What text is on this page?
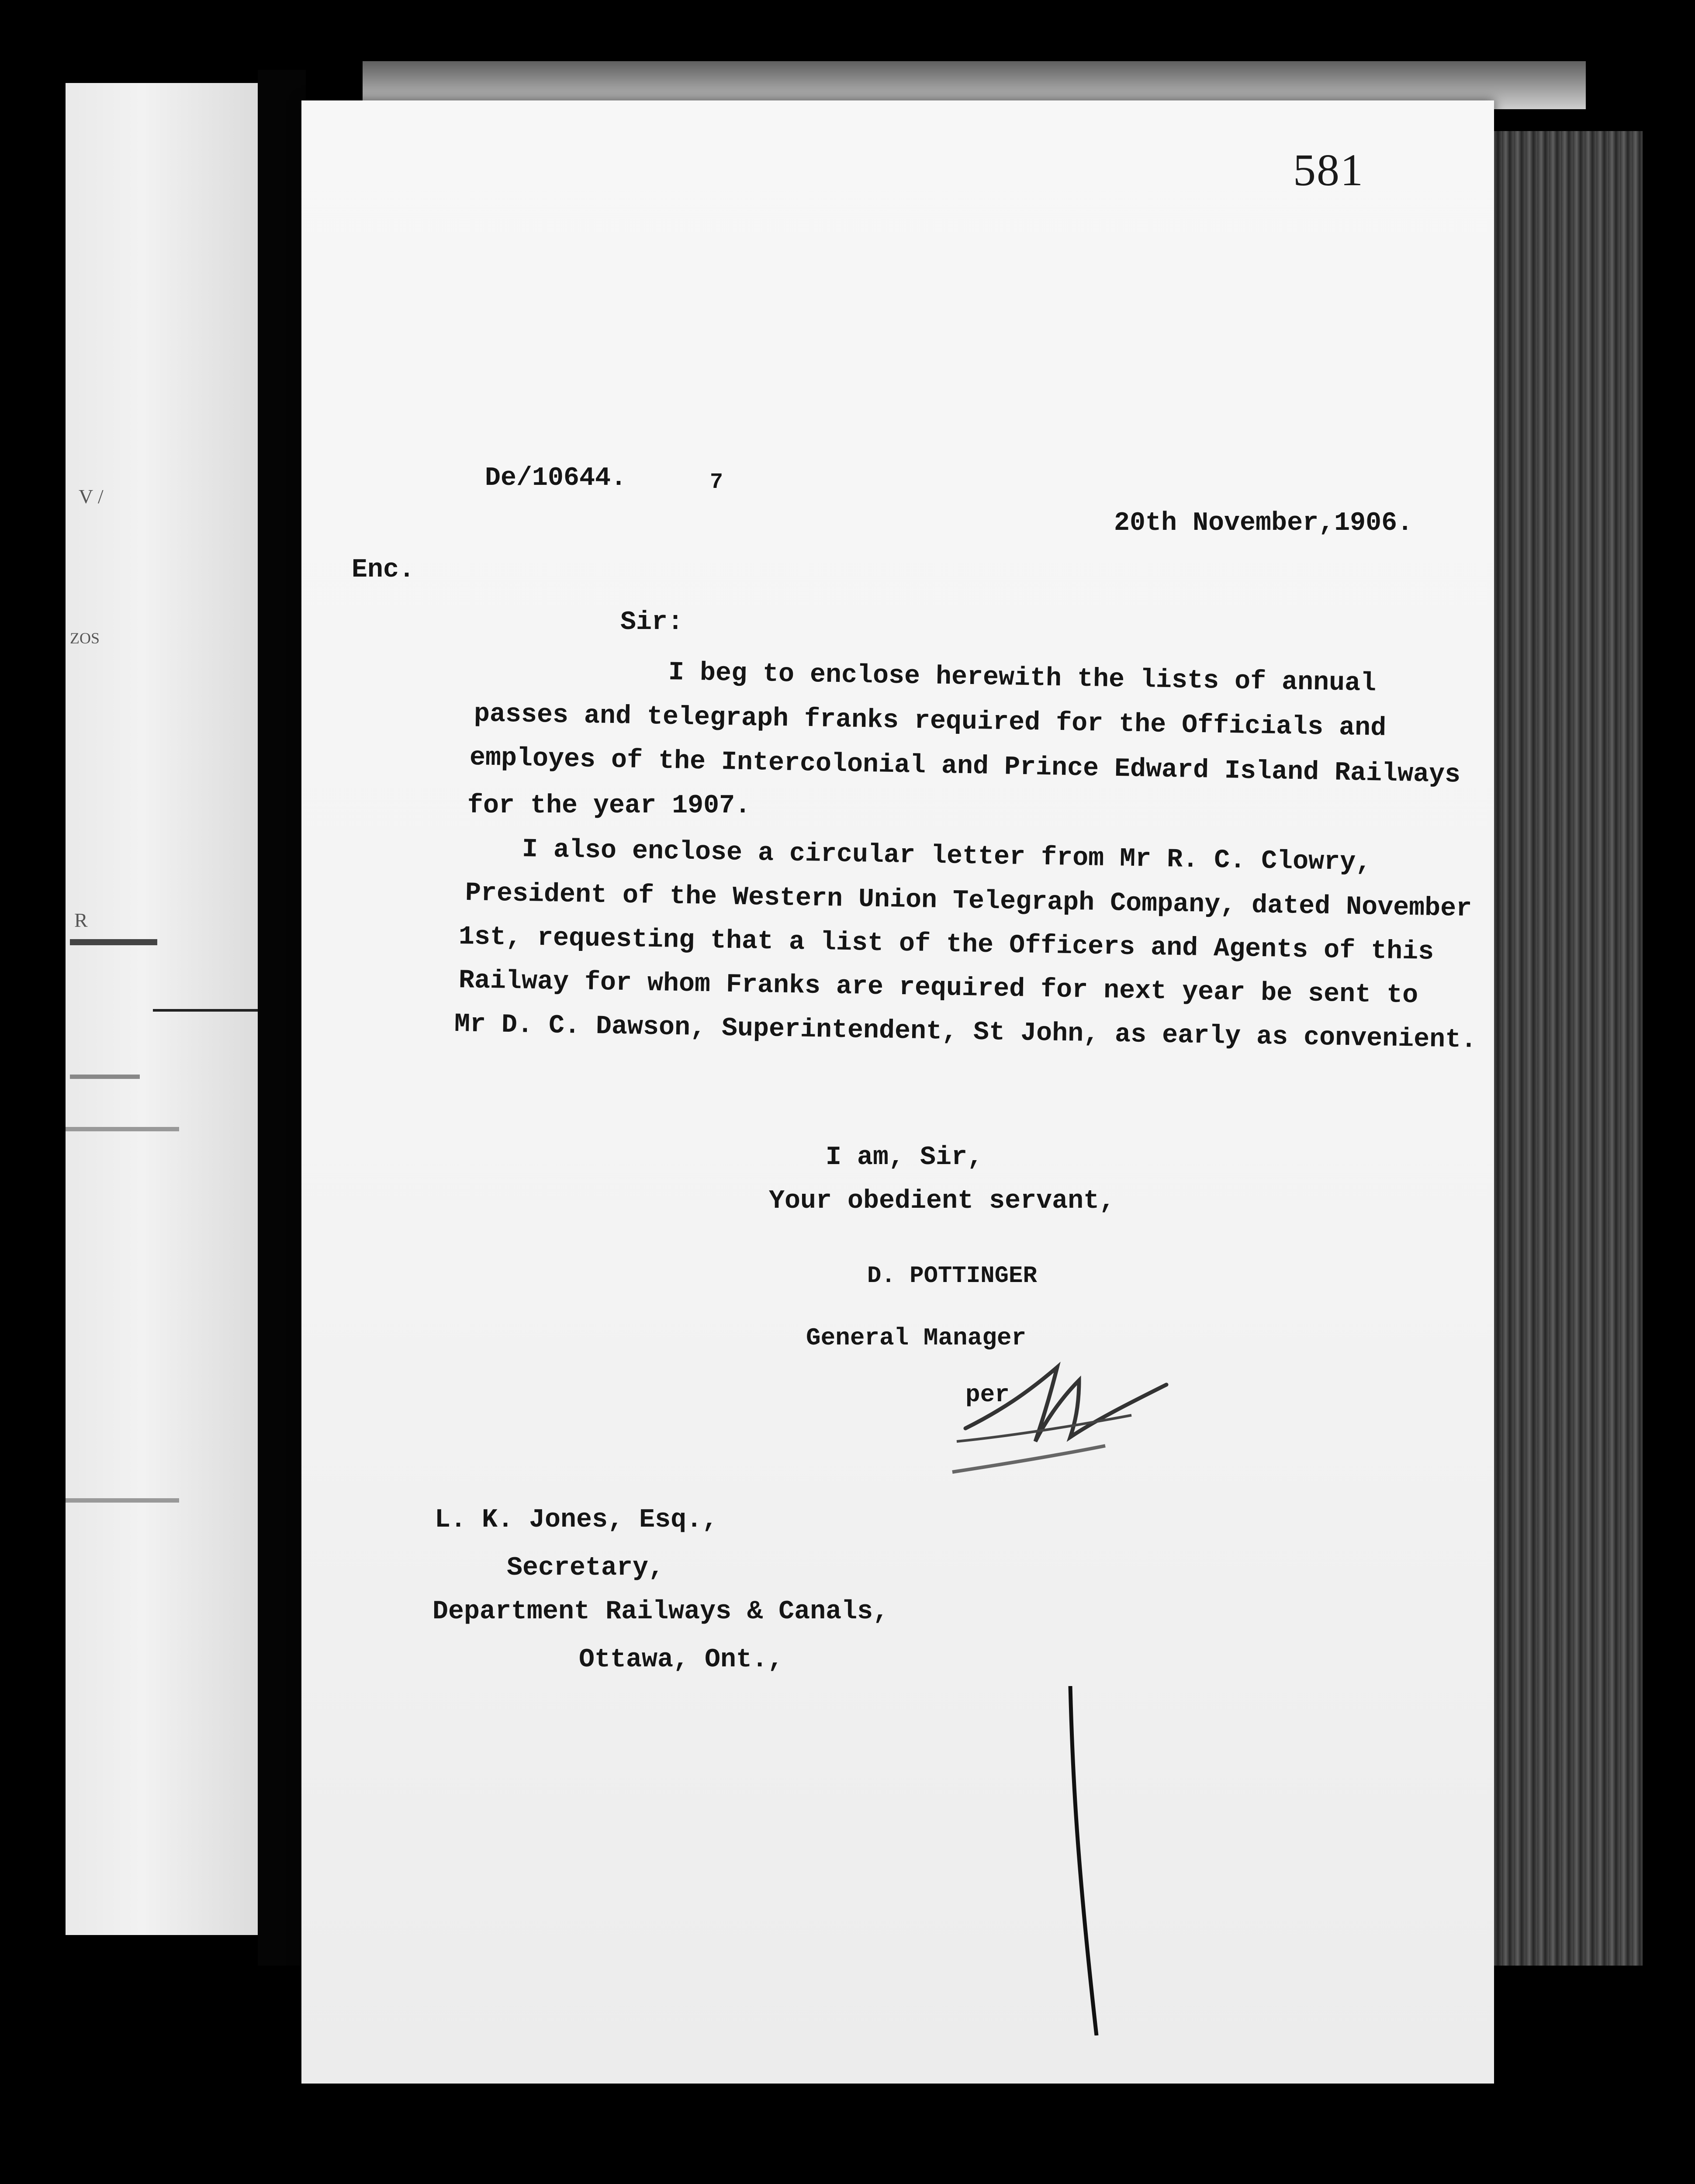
V /
ZOS
R
581
De/10644.	7
20th November,1906.
Enc.
Sir:
I beg to enclose herewith the lists of annual
passes and telegraph franks required for the Officials and
employes of the Intercolonial and Prince Edward Island Railways
for the year 1907.
I also enclose a circular letter from Mr R. C. Clowry,
President of the Western Union Telegraph Company, dated November
1st, requesting that a list of the Officers and Agents of this
Railway for whom Franks are required for next year be sent to
Mr D. C. Dawson, Superintendent, St John, as early as convenient.
I am, Sir,
Your obedient servant,
D. POTTINGER
General Manager
per
L. K. Jones, Esq.,
Secretary,
Department Railways & Canals,
Ottawa, Ont.,
